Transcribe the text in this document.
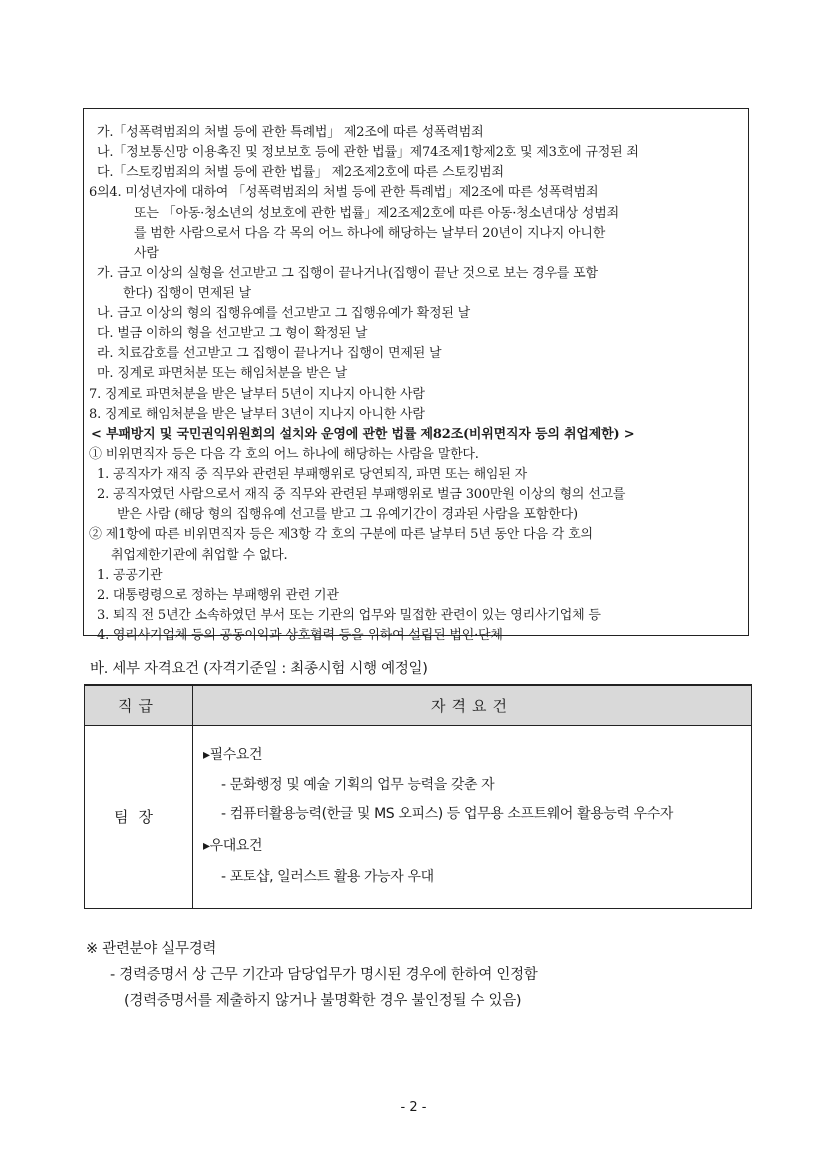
가.「성폭력범죄의 처벌 등에 관한 특례법」 제2조에 따른 성폭력범죄
나.「정보통신망 이용촉진 및 정보보호 등에 관한 법률」제74조제1항제2호 및 제3호에 규정된 죄
다.「스토킹범죄의 처벌 등에 관한 법률」 제2조제2호에 따른 스토킹범죄
6의4. 미성년자에 대하여 「성폭력범죄의 처벌 등에 관한 특례법」제2조에 따른 성폭력범죄
또는 「아동·청소년의 성보호에 관한 법률」제2조제2호에 따른 아동·청소년대상 성범죄
를 범한 사람으로서 다음 각 목의 어느 하나에 해당하는 날부터 20년이 지나지 아니한
사람
가. 금고 이상의 실형을 선고받고 그 집행이 끝나거나(집행이 끝난 것으로 보는 경우를 포함
한다) 집행이 면제된 날
나. 금고 이상의 형의 집행유예를 선고받고 그 집행유예가 확정된 날
다. 벌금 이하의 형을 선고받고 그 형이 확정된 날
라. 치료감호를 선고받고 그 집행이 끝나거나 집행이 면제된 날
마. 징계로 파면처분 또는 해임처분을 받은 날
7. 징계로 파면처분을 받은 날부터 5년이 지나지 아니한 사람
8. 징계로 해임처분을 받은 날부터 3년이 지나지 아니한 사람
< 부패방지 및 국민권익위원회의 설치와 운영에 관한 법률 제82조(비위면직자 등의 취업제한) >
① 비위면직자 등은 다음 각 호의 어느 하나에 해당하는 사람을 말한다.
1. 공직자가 재직 중 직무와 관련된 부패행위로 당연퇴직, 파면 또는 해임된 자
2. 공직자였던 사람으로서 재직 중 직무와 관련된 부패행위로 벌금 300만원 이상의 형의 선고를
받은 사람 (해당 형의 집행유예 선고를 받고 그 유예기간이 경과된 사람을 포함한다)
② 제1항에 따른 비위면직자 등은 제3항 각 호의 구분에 따른 날부터 5년 동안 다음 각 호의
취업제한기관에 취업할 수 없다.
1. 공공기관
2. 대통령령으로 정하는 부패행위 관련 기관
3. 퇴직 전 5년간 소속하였던 부서 또는 기관의 업무와 밀접한 관련이 있는 영리사기업체 등
4. 영리사기업체 등의 공동이익과 상호협력 등을 위하여 설립된 법인·단체
바. 세부 자격요건 (자격기준일 : 최종시험 시행 예정일)
직급	자격요건
팀장	▸필수요건
- 문화행정 및 예술 기획의 업무 능력을 갖춘 자
- 컴퓨터활용능력(한글 및 MS 오피스) 등 업무용 소프트웨어 활용능력 우수자
▸우대요건
- 포토샵, 일러스트 활용 가능자 우대
※ 관련분야 실무경력
- 경력증명서 상 근무 기간과 담당업무가 명시된 경우에 한하여 인정함
(경력증명서를 제출하지 않거나 불명확한 경우 불인정될 수 있음)
- 2 -
